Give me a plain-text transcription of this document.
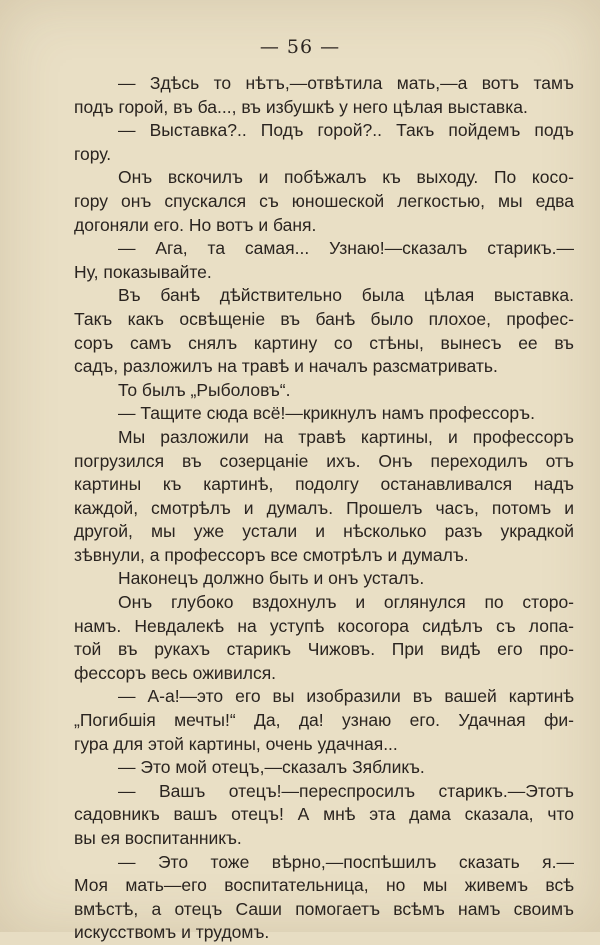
— 56 —
— Здѣсь то нѣтъ,—отвѣтила мать,—а вотъ тамъ
подъ горой, въ ба..., въ избушкѣ у него цѣлая выставка.
— Выставка?.. Подъ горой?.. Такъ пойдемъ подъ
гору.
Онъ вскочилъ и побѣжалъ къ выходу. По косо-
гору онъ спускался съ юношеской легкостью, мы едва
догоняли его. Но вотъ и баня.
— Ага, та самая... Узнаю!—сказалъ старикъ.—
Ну, показывайте.
Въ банѣ дѣйствительно была цѣлая выставка.
Такъ какъ освѣщеніе въ банѣ было плохое, профес-
соръ самъ снялъ картину со стѣны, вынесъ ее въ
садъ, разложилъ на травѣ и началъ разсматривать.
То былъ „Рыболовъ“.
— Тащите сюда всё!—крикнулъ намъ профессоръ.
Мы разложили на травѣ картины, и профессоръ
погрузился въ созерцаніе ихъ. Онъ переходилъ отъ
картины къ картинѣ, подолгу останавливался надъ
каждой, смотрѣлъ и думалъ. Прошелъ часъ, потомъ и
другой, мы уже устали и нѣсколько разъ украдкой
зѣвнули, а профессоръ все смотрѣлъ и думалъ.
Наконецъ должно быть и онъ усталъ.
Онъ глубоко вздохнулъ и оглянулся по сторо-
намъ. Невдалекѣ на уступѣ косогора сидѣлъ съ лопа-
той въ рукахъ старикъ Чижовъ. При видѣ его про-
фессоръ весь оживился.
— А-а!—это его вы изобразили въ вашей картинѣ
„Погибшія мечты!“ Да, да! узнаю его. Удачная фи-
гура для этой картины, очень удачная...
— Это мой отецъ,—сказалъ Зябликъ.
— Вашъ отецъ!—переспросилъ старикъ.—Этотъ
садовникъ вашъ отецъ! А мнѣ эта дама сказала, что
вы ея воспитанникъ.
— Это тоже вѣрно,—поспѣшилъ сказать я.—
Моя мать—его воспитательница, но мы живемъ всѣ
вмѣстѣ, а отецъ Саши помогаетъ всѣмъ намъ своимъ
искусствомъ и трудомъ.
